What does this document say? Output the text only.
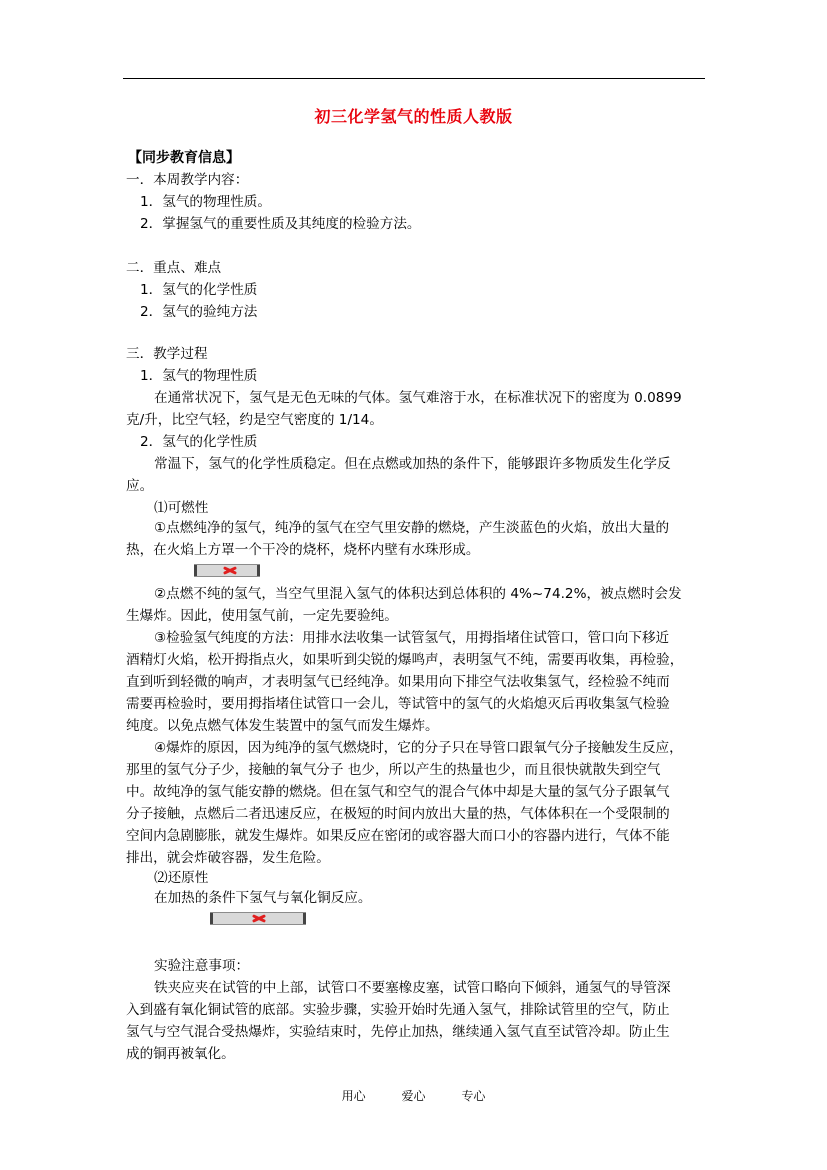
初三化学氢气的性质人教版
【同步教育信息】
一．本周教学内容：
1．氢气的物理性质。
2．掌握氢气的重要性质及其纯度的检验方法。
二．重点、难点
1．氢气的化学性质
2．氢气的验纯方法
三．教学过程
1．氢气的物理性质
在通常状况下，氢气是无色无味的气体。氢气难溶于水，在标准状况下的密度为 0.0899
克/升，比空气轻，约是空气密度的 1/14。
2．氢气的化学性质
常温下，氢气的化学性质稳定。但在点燃或加热的条件下，能够跟许多物质发生化学反
应。
⑴可燃性
①点燃纯净的氢气，纯净的氢气在空气里安静的燃烧，产生淡蓝色的火焰，放出大量的
热，在火焰上方罩一个干冷的烧杯，烧杯内壁有水珠形成。
②点燃不纯的氢气，当空气里混入氢气的体积达到总体积的 4%~74.2%，被点燃时会发
生爆炸。因此，使用氢气前，一定先要验纯。
③检验氢气纯度的方法：用排水法收集一试管氢气，用拇指堵住试管口，管口向下移近
酒精灯火焰，松开拇指点火，如果听到尖锐的爆鸣声，表明氢气不纯，需要再收集，再检验，
直到听到轻微的响声，才表明氢气已经纯净。如果用向下排空气法收集氢气，经检验不纯而
需要再检验时，要用拇指堵住试管口一会儿，等试管中的氢气的火焰熄灭后再收集氢气检验
纯度。以免点燃气体发生装置中的氢气而发生爆炸。
④爆炸的原因，因为纯净的氢气燃烧时，它的分子只在导管口跟氧气分子接触发生反应，
那里的氢气分子少，接触的氧气分子 也少，所以产生的热量也少，而且很快就散失到空气
中。故纯净的氢气能安静的燃烧。但在氢气和空气的混合气体中却是大量的氢气分子跟氧气
分子接触，点燃后二者迅速反应，在极短的时间内放出大量的热，气体体积在一个受限制的
空间内急剧膨胀，就发生爆炸。如果反应在密闭的或容器大而口小的容器内进行，气体不能
排出，就会炸破容器，发生危险。
⑵还原性
在加热的条件下氢气与氧化铜反应。
实验注意事项：
铁夹应夹在试管的中上部，试管口不要塞橡皮塞，试管口略向下倾斜，通氢气的导管深
入到盛有氧化铜试管的底部。实验步骤，实验开始时先通入氢气，排除试管里的空气，防止
氢气与空气混合受热爆炸，实验结束时，先停止加热，继续通入氢气直至试管冷却。防止生
成的铜再被氧化。
用心	爱心	专心
